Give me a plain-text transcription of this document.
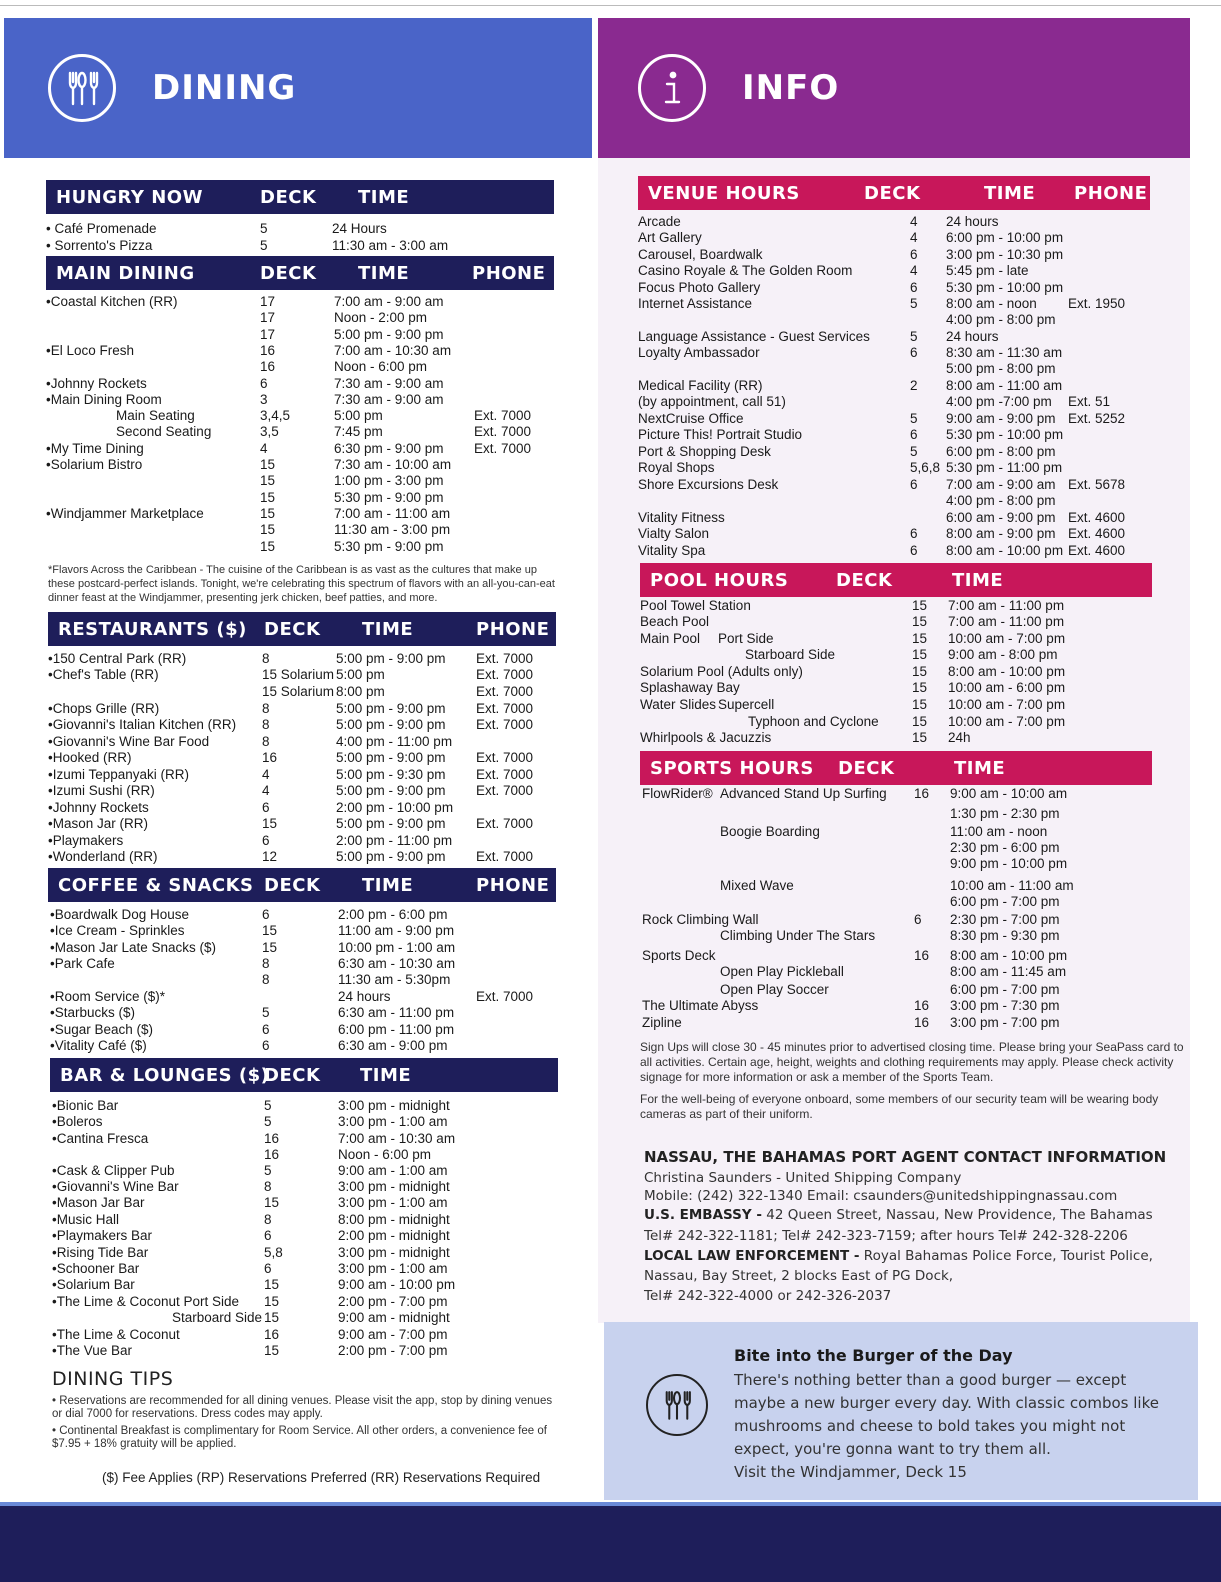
DINING	INFO
HUNGRY NOW	DECK TIME
• Café Promenade	5	24 Hours
• Sorrento's Pizza	5	11:30 am - 3:00 am
MAIN DINING	DECK TIME	PHONE
•Coastal Kitchen (RR)	17	7:00 am - 9:00 am
17	Noon - 2:00 pm
17	5:00 pm - 9:00 pm
•El Loco Fresh	16	7:00 am - 10:30 am
16	Noon - 6:00 pm
•Johnny Rockets	6	7:30 am - 9:00 am
•Main Dining Room	3	7:30 am - 9:00 am
Main Seating	3,4,5	5:00 pm	Ext. 7000
Second Seating	3,5	7:45 pm	Ext. 7000
•My Time Dining	4	6:30 pm - 9:00 pm Ext. 7000
•Solarium Bistro	15	7:30 am - 10:00 am
15	1:00 pm - 3:00 pm
15	5:30 pm - 9:00 pm
•Windjammer Marketplace	15	7:00 am - 11:00 am
15	11:30 am - 3:00 pm
15	5:30 pm - 9:00 pm
*Flavors Across the Caribbean - The cuisine of the Caribbean is as vast as the cultures that make up these postcard-perfect islands. Tonight, we're celebrating this spectrum of flavors with an all-you-can-eat dinner feast at the Windjammer, presenting jerk chicken, beef patties, and more.
RESTAURANTS ($) DECK TIME	PHONE
•150 Central Park (RR)	8	5:00 pm - 9:00 pm Ext. 7000
•Chef's Table (RR)	15 Solarium 5:00 pm	Ext. 7000
15 Solarium 8:00 pm	Ext. 7000
•Chops Grille (RR)	8	5:00 pm - 9:00 pm Ext. 7000
•Giovanni's Italian Kitchen (RR) 8	5:00 pm - 9:00 pm Ext. 7000
•Giovanni's Wine Bar Food	8	4:00 pm - 11:00 pm
•Hooked (RR)	16	5:00 pm - 9:00 pm Ext. 7000
•Izumi Teppanyaki (RR)	4	5:00 pm - 9:30 pm Ext. 7000
•Izumi Sushi (RR)	4	5:00 pm - 9:00 pm Ext. 7000
•Johnny Rockets	6	2:00 pm - 10:00 pm
•Mason Jar (RR)	15	5:00 pm - 9:00 pm Ext. 7000
•Playmakers	6	2:00 pm - 11:00 pm
•Wonderland (RR)	12	5:00 pm - 9:00 pm Ext. 7000
COFFEE & SNACKS DECK TIME	PHONE
•Boardwalk Dog House	6	2:00 pm - 6:00 pm
•Ice Cream - Sprinkles	15	11:00 am - 9:00 pm
•Mason Jar Late Snacks ($)	15	10:00 pm - 1:00 am
•Park Cafe	8	6:30 am - 10:30 am
8	11:30 am - 5:30pm
•Room Service ($)*	24 hours	Ext. 7000
•Starbucks ($)	5	6:30 am - 11:00 pm
•Sugar Beach ($)	6	6:00 pm - 11:00 pm
•Vitality Café ($)	6	6:30 am - 9:00 pm
BAR & LOUNGES ($)
DECK TIME
•Bionic Bar	5	3:00 pm - midnight
•Boleros	5	3:00 pm - 1:00 am
•Cantina Fresca	16	7:00 am - 10:30 am
16	Noon - 6:00 pm
•Cask & Clipper Pub	5	9:00 am - 1:00 am
•Giovanni's Wine Bar	8	3:00 pm - midnight
•Mason Jar Bar	15	3:00 pm - 1:00 am
•Music Hall	8	8:00 pm - midnight
•Playmakers Bar	6	2:00 pm - midnight
•Rising Tide Bar	5,8	3:00 pm - midnight
•Schooner Bar	6	3:00 pm - 1:00 am
•Solarium Bar	15	9:00 am - 10:00 pm
•The Lime & Coconut Port Side 15	2:00 pm - 7:00 pm
Starboard Side 15	9:00 am - midnight
•The Lime & Coconut	16	9:00 am - 7:00 pm
•The Vue Bar	15	2:00 pm - 7:00 pm
DINING TIPS
• Reservations are recommended for all dining venues. Please visit the app, stop by dining venues or dial 7000 for reservations. Dress codes may apply.
• Continental Breakfast is complimentary for Room Service. All other orders, a convenience fee of $7.95 + 18% gratuity will be applied.
($) Fee Applies (RP) Reservations Preferred (RR) Reservations Required
VENUE HOURS	DECK	TIME PHONE
Arcade	4 24 hours
Art Gallery	4 6:00 pm - 10:00 pm
Carousel, Boardwalk	6 3:00 pm - 10:30 pm
Casino Royale & The Golden Room	4 5:45 pm - late
Focus Photo Gallery	6 5:30 pm - 10:00 pm
Internet Assistance	5 8:00 am - noon Ext. 1950
4:00 pm - 8:00 pm
Language Assistance - Guest Services	5 24 hours
Loyalty Ambassador	6 8:30 am - 11:30 am
5:00 pm - 8:00 pm
Medical Facility (RR)	2 8:00 am - 11:00 am
(by appointment, call 51)	4:00 pm -7:00 pm Ext. 51
NextCruise Office	5 9:00 am - 9:00 pm Ext. 5252
Picture This! Portrait Studio	6 5:30 pm - 10:00 pm
Port & Shopping Desk	5 6:00 pm - 8:00 pm
Royal Shops	5,6,8 5:30 pm - 11:00 pm
Shore Excursions Desk	6 7:00 am - 9:00 am Ext. 5678
4:00 pm - 8:00 pm
Vitality Fitness	6:00 am - 9:00 pm Ext. 4600
Vialty Salon	6 8:00 am - 9:00 pm Ext. 4600
Vitality Spa	6 8:00 am - 10:00 pm Ext. 4600
POOL HOURS	DECK	TIME
Pool Towel Station	15 7:00 am - 11:00 pm
Beach Pool	15 7:00 am - 11:00 pm
Main Pool Port Side	15 10:00 am - 7:00 pm
Starboard Side	15 9:00 am - 8:00 pm
Solarium Pool (Adults only)	15 8:00 am - 10:00 pm
Splashaway Bay	15 10:00 am - 6:00 pm
Water Slides Supercell	15 10:00 am - 7:00 pm
Typhoon and Cyclone 15 10:00 am - 7:00 pm
Whirlpools & Jacuzzis	15 24h
SPORTS HOURS DECK	TIME
FlowRider® Advanced Stand Up Surfing 16 9:00 am - 10:00 am
1:30 pm - 2:30 pm
Boogie Boarding	11:00 am - noon
2:30 pm - 6:00 pm
9:00 pm - 10:00 pm
Mixed Wave	10:00 am - 11:00 am
6:00 pm - 7:00 pm
Rock Climbing Wall	6 2:30 pm - 7:00 pm
Climbing Under The Stars	8:30 pm - 9:30 pm
Sports Deck	16 8:00 am - 10:00 pm
Open Play Pickleball	8:00 am - 11:45 am
Open Play Soccer	6:00 pm - 7:00 pm
The Ultimate Abyss	16 3:00 pm - 7:30 pm
Zipline	16 3:00 pm - 7:00 pm
Sign Ups will close 30 - 45 minutes prior to advertised closing time. Please bring your SeaPass card to all activities. Certain age, height, weights and clothing requirements may apply. Please check activity signage for more information or ask a member of the Sports Team.
For the well-being of everyone onboard, some members of our security team will be wearing body cameras as part of their uniform.
NASSAU, THE BAHAMAS PORT AGENT CONTACT INFORMATION
Christina Saunders - United Shipping Company
Mobile: (242) 322-1340 Email: csaunders@unitedshippingnassau.com
U.S. EMBASSY - 42 Queen Street, Nassau, New Providence, The Bahamas
Tel# 242-322-1181; Tel# 242-323-7159; after hours Tel# 242-328-2206
LOCAL LAW ENFORCEMENT - Royal Bahamas Police Force, Tourist Police,
Nassau, Bay Street, 2 blocks East of PG Dock,
Tel# 242-322-4000 or 242-326-2037
Bite into the Burger of the Day
There's nothing better than a good burger — except maybe a new burger every day. With classic combos like mushrooms and cheese to bold takes you might not expect, you're gonna want to try them all.
Visit the Windjammer, Deck 15
